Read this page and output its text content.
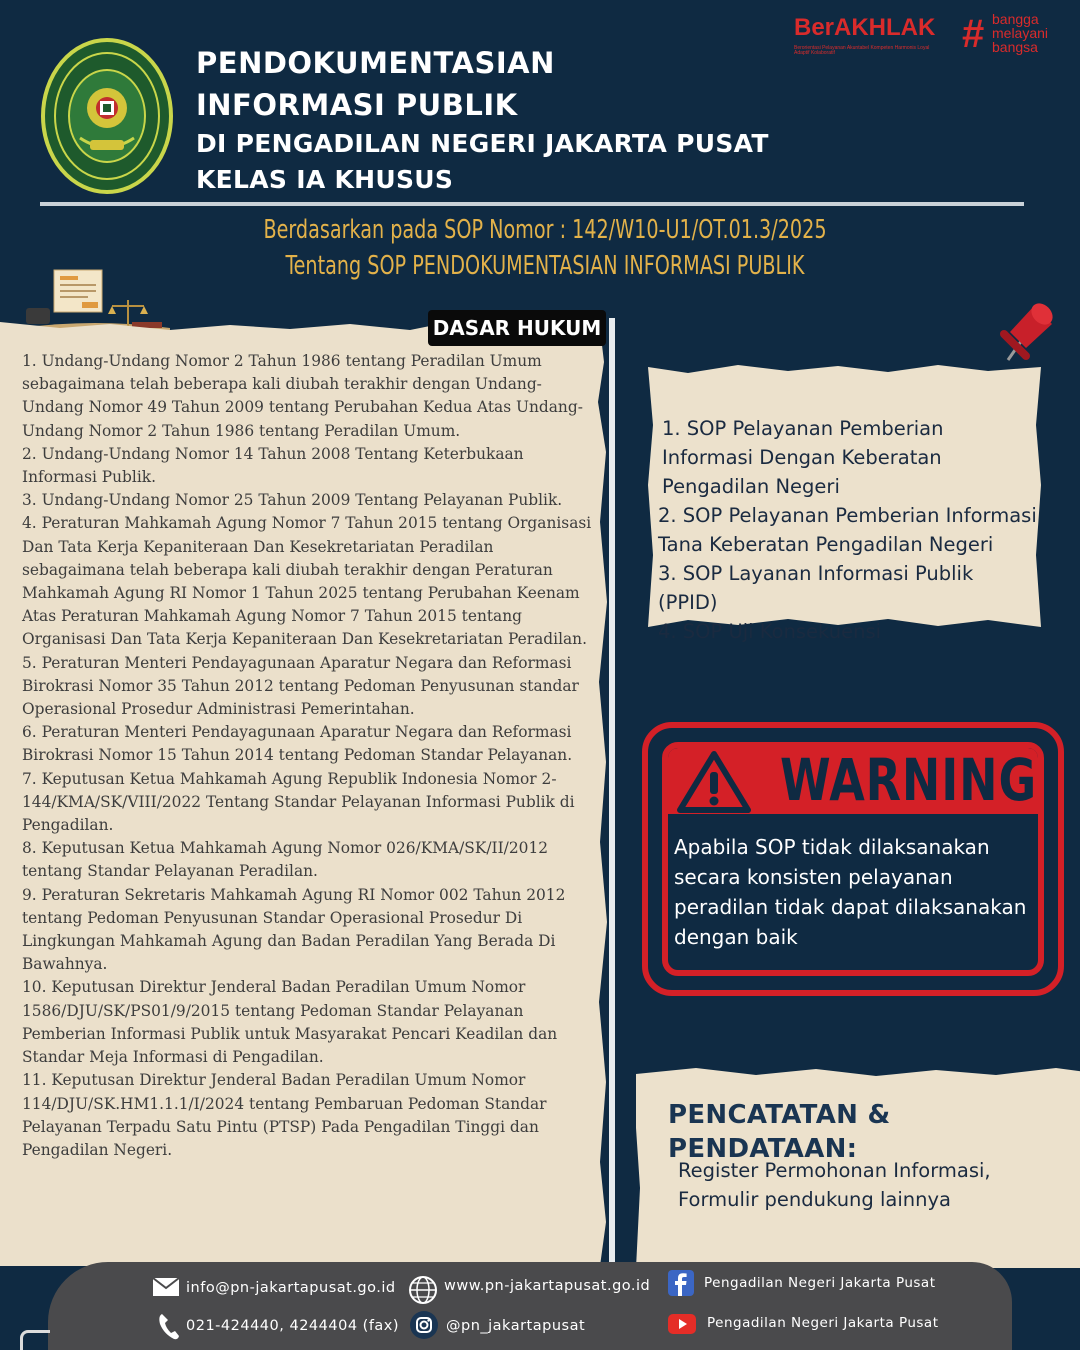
PENDOKUMENTASIAN INFORMASI PUBLIK
DI PENGADILAN NEGERI JAKARTA PUSAT
KELAS IA KHUSUS
BerAKHLAK
Berorientasi Pelayanan Akuntabel Kompeten Harmonis Loyal Adaptif Kolaboratif	# bangga
melayani
bangsa
Berdasarkan pada SOP Nomor : 142/W10-U1/OT.01.3/2025
Tentang SOP PENDOKUMENTASIAN INFORMASI PUBLIK
DASAR HUKUM

1. Undang-Undang Nomor 2 Tahun 1986 tentang Peradilan Umum sebagaimana telah beberapa kali diubah terakhir dengan Undang-Undang Nomor 49 Tahun 2009 tentang Perubahan Kedua Atas Undang-Undang Nomor 2 Tahun 1986 tentang Peradilan Umum.

2. Undang-Undang Nomor 14 Tahun 2008 Tentang Keterbukaan Informasi Publik.

3. Undang-Undang Nomor 25 Tahun 2009 Tentang Pelayanan Publik.

4. Peraturan Mahkamah Agung Nomor 7 Tahun 2015 tentang Organisasi Dan Tata Kerja Kepaniteraan Dan Kesekretariatan Peradilan sebagaimana telah beberapa kali diubah terakhir dengan Peraturan Mahkamah Agung RI Nomor 1 Tahun 2025 tentang Perubahan Keenam Atas Peraturan Mahkamah Agung Nomor 7 Tahun 2015 tentang Organisasi Dan Tata Kerja Kepaniteraan Dan Kesekretariatan Peradilan.

5. Peraturan Menteri Pendayagunaan Aparatur Negara dan Reformasi Birokrasi Nomor 35 Tahun 2012 tentang Pedoman Penyusunan standar Operasional Prosedur Administrasi Pemerintahan.

6. Peraturan Menteri Pendayagunaan Aparatur Negara dan Reformasi Birokrasi Nomor 15 Tahun 2014 tentang Pedoman Standar Pelayanan.

7. Keputusan Ketua Mahkamah Agung Republik Indonesia Nomor 2-144/KMA/SK/VIII/2022 Tentang Standar Pelayanan Informasi Publik di Pengadilan.

8. Keputusan Ketua Mahkamah Agung Nomor 026/KMA/SK/II/2012 tentang Standar Pelayanan Peradilan.

9. Peraturan Sekretaris Mahkamah Agung RI Nomor 002 Tahun 2012 tentang Pedoman Penyusunan Standar Operasional Prosedur Di Lingkungan Mahkamah Agung dan Badan Peradilan Yang Berada Di Bawahnya.

10. Keputusan Direktur Jenderal Badan Peradilan Umum Nomor 1586/DJU/SK/PS01/9/2015 tentang Pedoman Standar Pelayanan Pemberian Informasi Publik untuk Masyarakat Pencari Keadilan dan Standar Meja Informasi di Pengadilan.

11. Keputusan Direktur Jenderal Badan Peradilan Umum Nomor 114/DJU/SK.HM1.1.1/I/2024 tentang Pembaruan Pedoman Standar Pelayanan Terpadu Satu Pintu (PTSP) Pada Pengadilan Tinggi dan Pengadilan Negeri.

1. SOP Pelayanan Pemberian Informasi Dengan Keberatan Pengadilan Negeri
2. SOP Pelayanan Pemberian Informasi Tana Keberatan Pengadilan Negeri
3. SOP Layanan Informasi Publik (PPID)
4. SOP Uji Konsekuensi
WARNING
Apabila SOP tidak dilaksanakan secara konsisten pelayanan peradilan tidak dapat dilaksanakan dengan baik
PENCATATAN & PENDATAAN:
Register Permohonan Informasi,
Formulir pendukung lainnya
info@pn-jakartapusat.go.id
021-424440, 4244404 (fax)
www.pn-jakartapusat.go.id
@pn_jakartapusat
Pengadilan Negeri Jakarta Pusat
Pengadilan Negeri Jakarta Pusat
